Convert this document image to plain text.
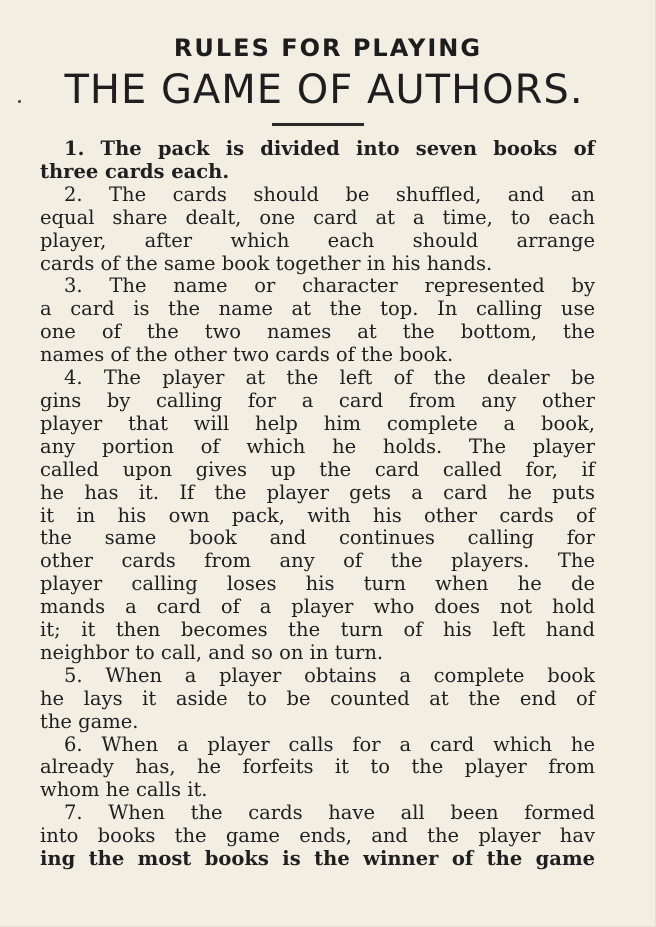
RULES FOR PLAYING
THE GAME OF AUTHORS.
1. The pack is divided into seven books of
three cards each.
2. The cards should be shuffled, and an
equal share dealt, one card at a time, to each
player, after which each should arrange
cards of the same book together in his hands.
3. The name or character represented by
a card is the name at the top. In calling use
one of the two names at the bottom, the
names of the other two cards of the book.
4. The player at the left of the dealer be
gins by calling for a card from any other
player that will help him complete a book,
any portion of which he holds. The player
called upon gives up the card called for, if
he has it. If the player gets a card he puts
it in his own pack, with his other cards of
the same book and continues calling for
other cards from any of the players. The
player calling loses his turn when he de
mands a card of a player who does not hold
it; it then becomes the turn of his left hand
neighbor to call, and so on in turn.
5. When a player obtains a complete book
he lays it aside to be counted at the end of
the game.
6. When a player calls for a card which he
already has, he forfeits it to the player from
whom he calls it.
7. When the cards have all been formed
into books the game ends, and the player hav
ing the most books is the winner of the game
